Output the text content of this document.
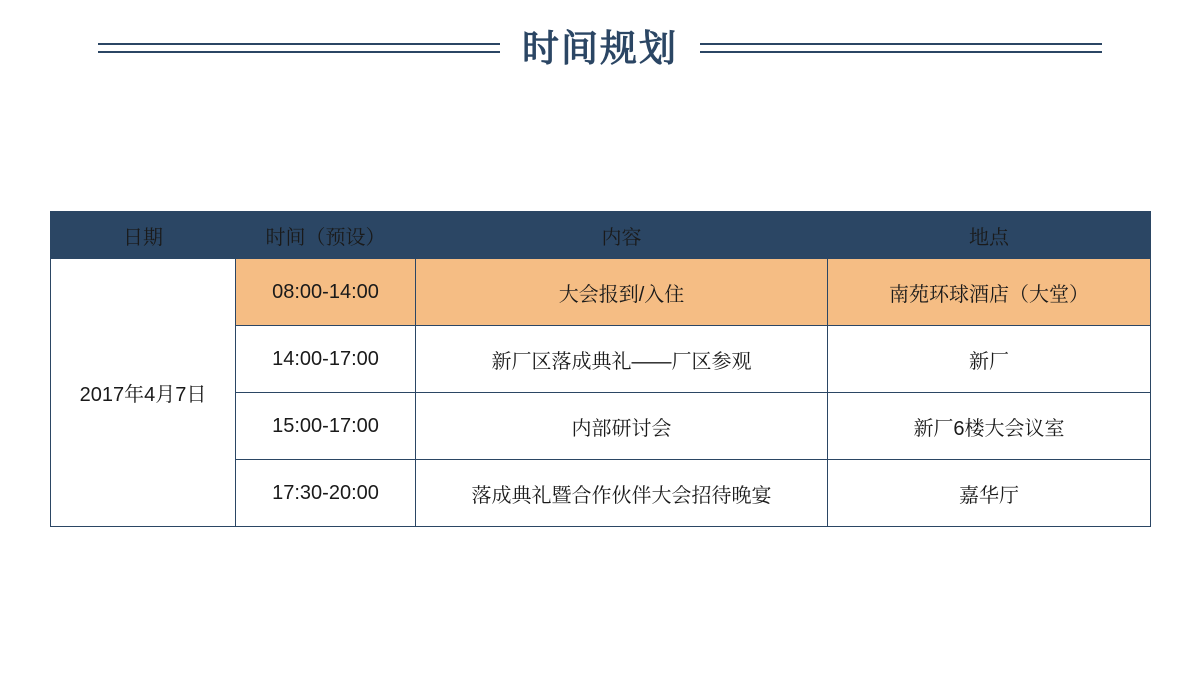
时间规划
日期	时间（预设）	内容	地点
2017年4月7日	08:00-14:00	大会报到/入住	南苑环球酒店（大堂）
	14:00-17:00	新厂区落成典礼——厂区参观	新厂
	15:00-17:00	内部研讨会	新厂6楼大会议室
	17:30-20:00	落成典礼暨合作伙伴大会招待晚宴	嘉华厅
